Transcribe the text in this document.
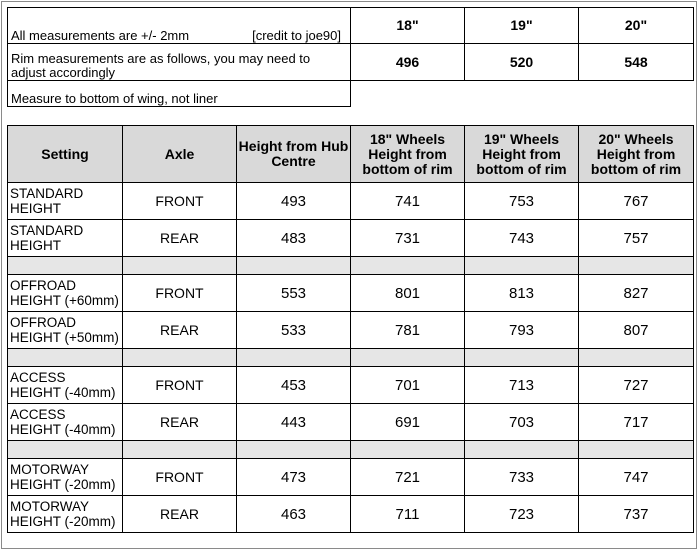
All measurements are +/- 2mm [credit to joe90]	18"	19"	20"
Rim measurements are as follows, you may need to adjust accordingly	496	520	548
Measure to bottom of wing, not liner			
Setting	Axle	Height from Hub Centre	18" Wheels Height from bottom of rim	19" Wheels Height from bottom of rim	20" Wheels Height from bottom of rim
STANDARD HEIGHT	FRONT	493	741	753	767
STANDARD HEIGHT	REAR	483	731	743	757

OFFROAD HEIGHT (+60mm)	FRONT	553	801	813	827
OFFROAD HEIGHT (+50mm)	REAR	533	781	793	807

ACCESS HEIGHT (-40mm)	FRONT	453	701	713	727
ACCESS HEIGHT (-40mm)	REAR	443	691	703	717

MOTORWAY HEIGHT (-20mm)	FRONT	473	721	733	747
MOTORWAY HEIGHT (-20mm)	REAR	463	711	723	737
